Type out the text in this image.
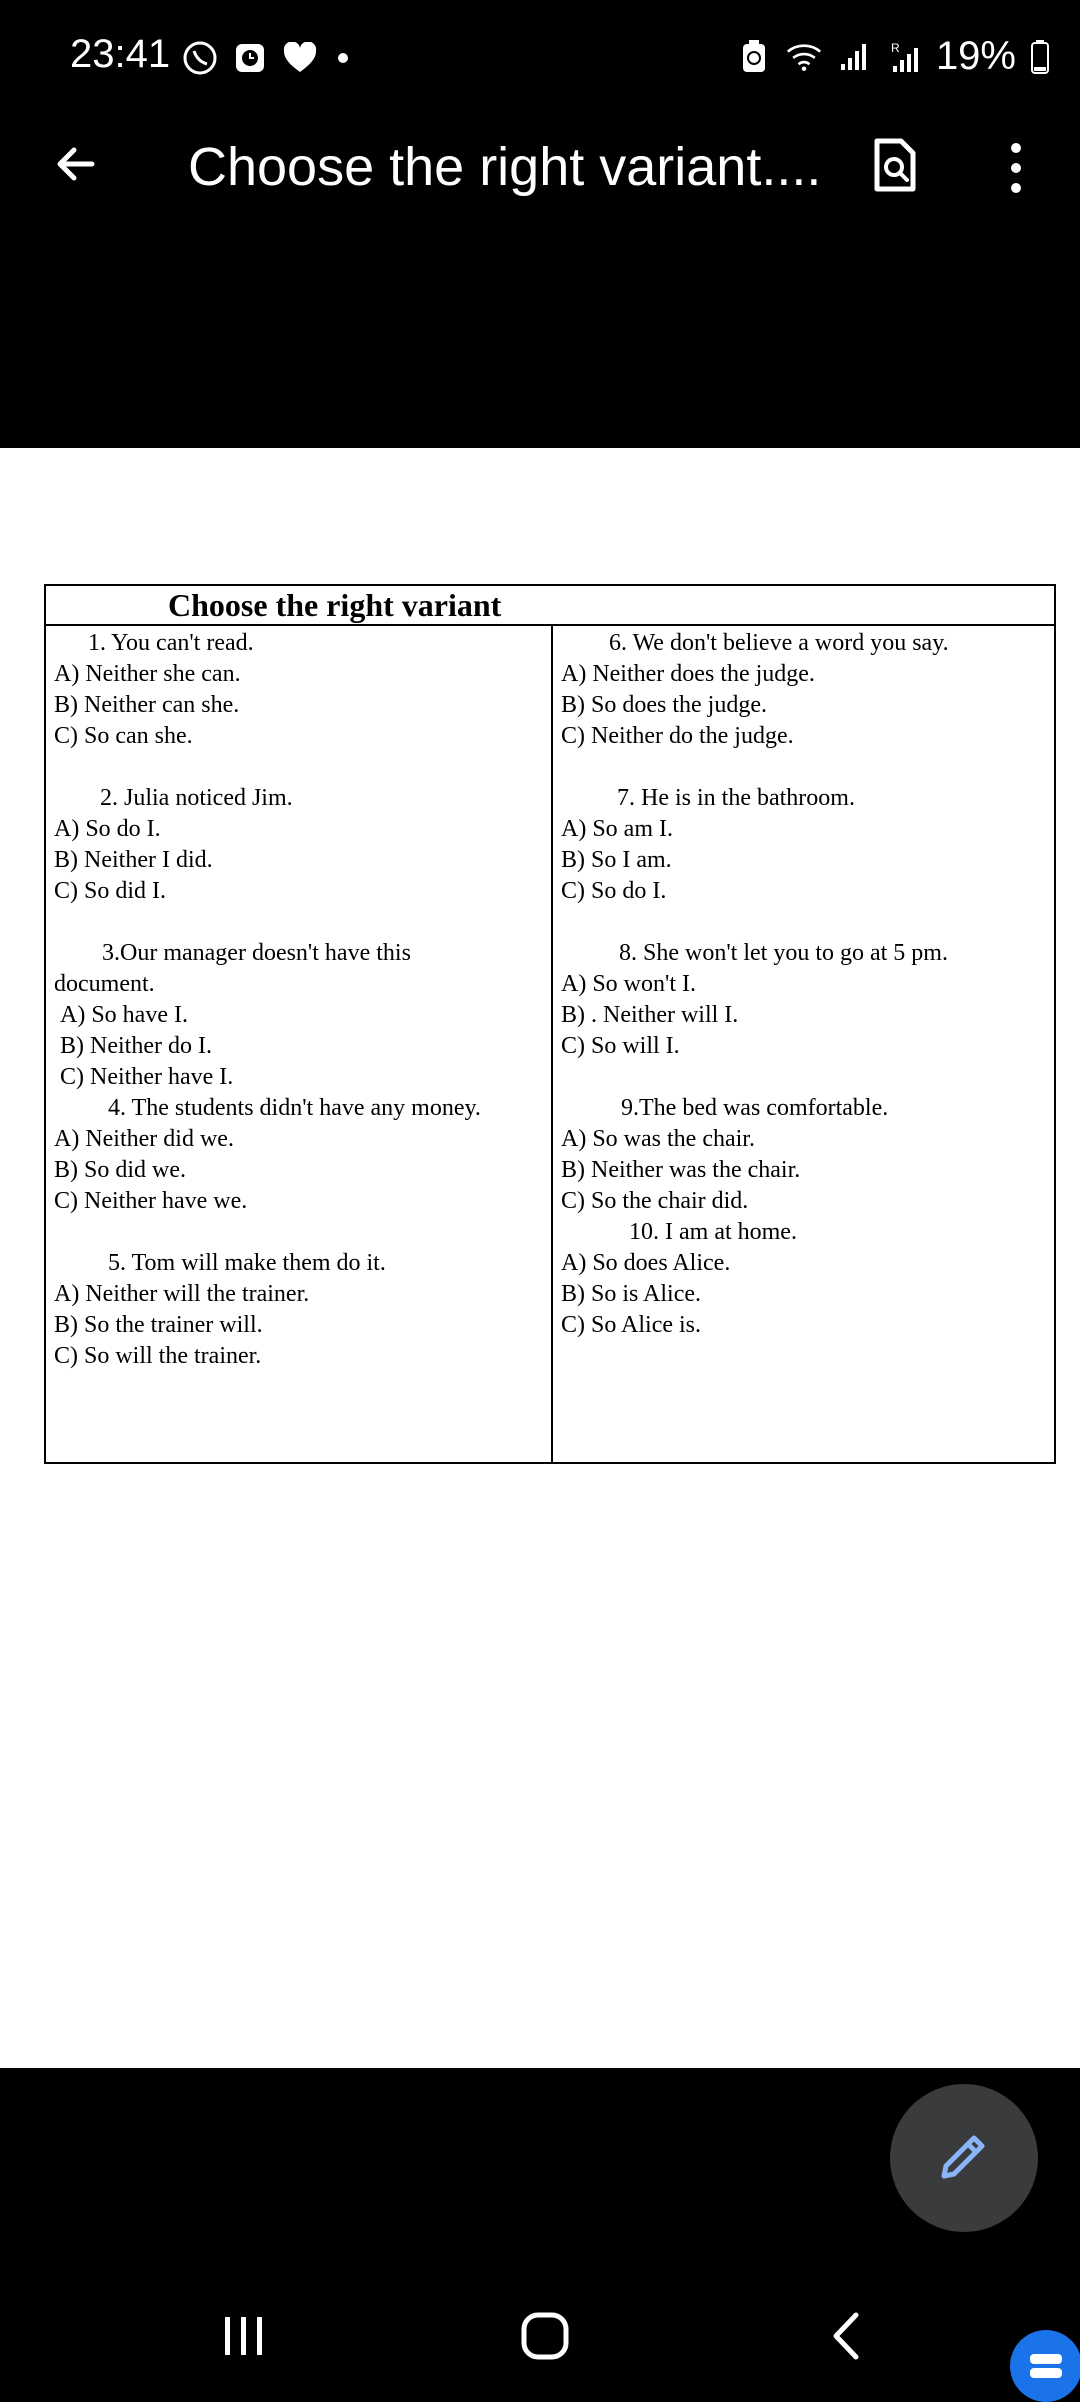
23:41	R 19%
Choose the right variant....
Choose the right variant
1. You can't read.
A) Neither she can.
B) Neither can she.
C) So can she.
2. Julia noticed Jim.
A) So do I.
B) Neither I did.
C) So did I.
3.Our manager doesn't have this
document.
A) So have I.
B) Neither do I.
C) Neither have I.
4. The students didn't have any money.
A) Neither did we.
B) So did we.
C) Neither have we.
5. Tom will make them do it.
A) Neither will the trainer.
B) So the trainer will.
C) So will the trainer.
6. We don't believe a word you say.
A) Neither does the judge.
B) So does the judge.
C) Neither do the judge.
7. He is in the bathroom.
A) So am I.
B) So I am.
C) So do I.
8. She won't let you to go at 5 pm.
A) So won't I.
B) . Neither will I.
C) So will I.
9.The bed was comfortable.
A) So was the chair.
B) Neither was the chair.
C) So the chair did.
10. I am at home.
A) So does Alice.
B) So is Alice.
C) So Alice is.
